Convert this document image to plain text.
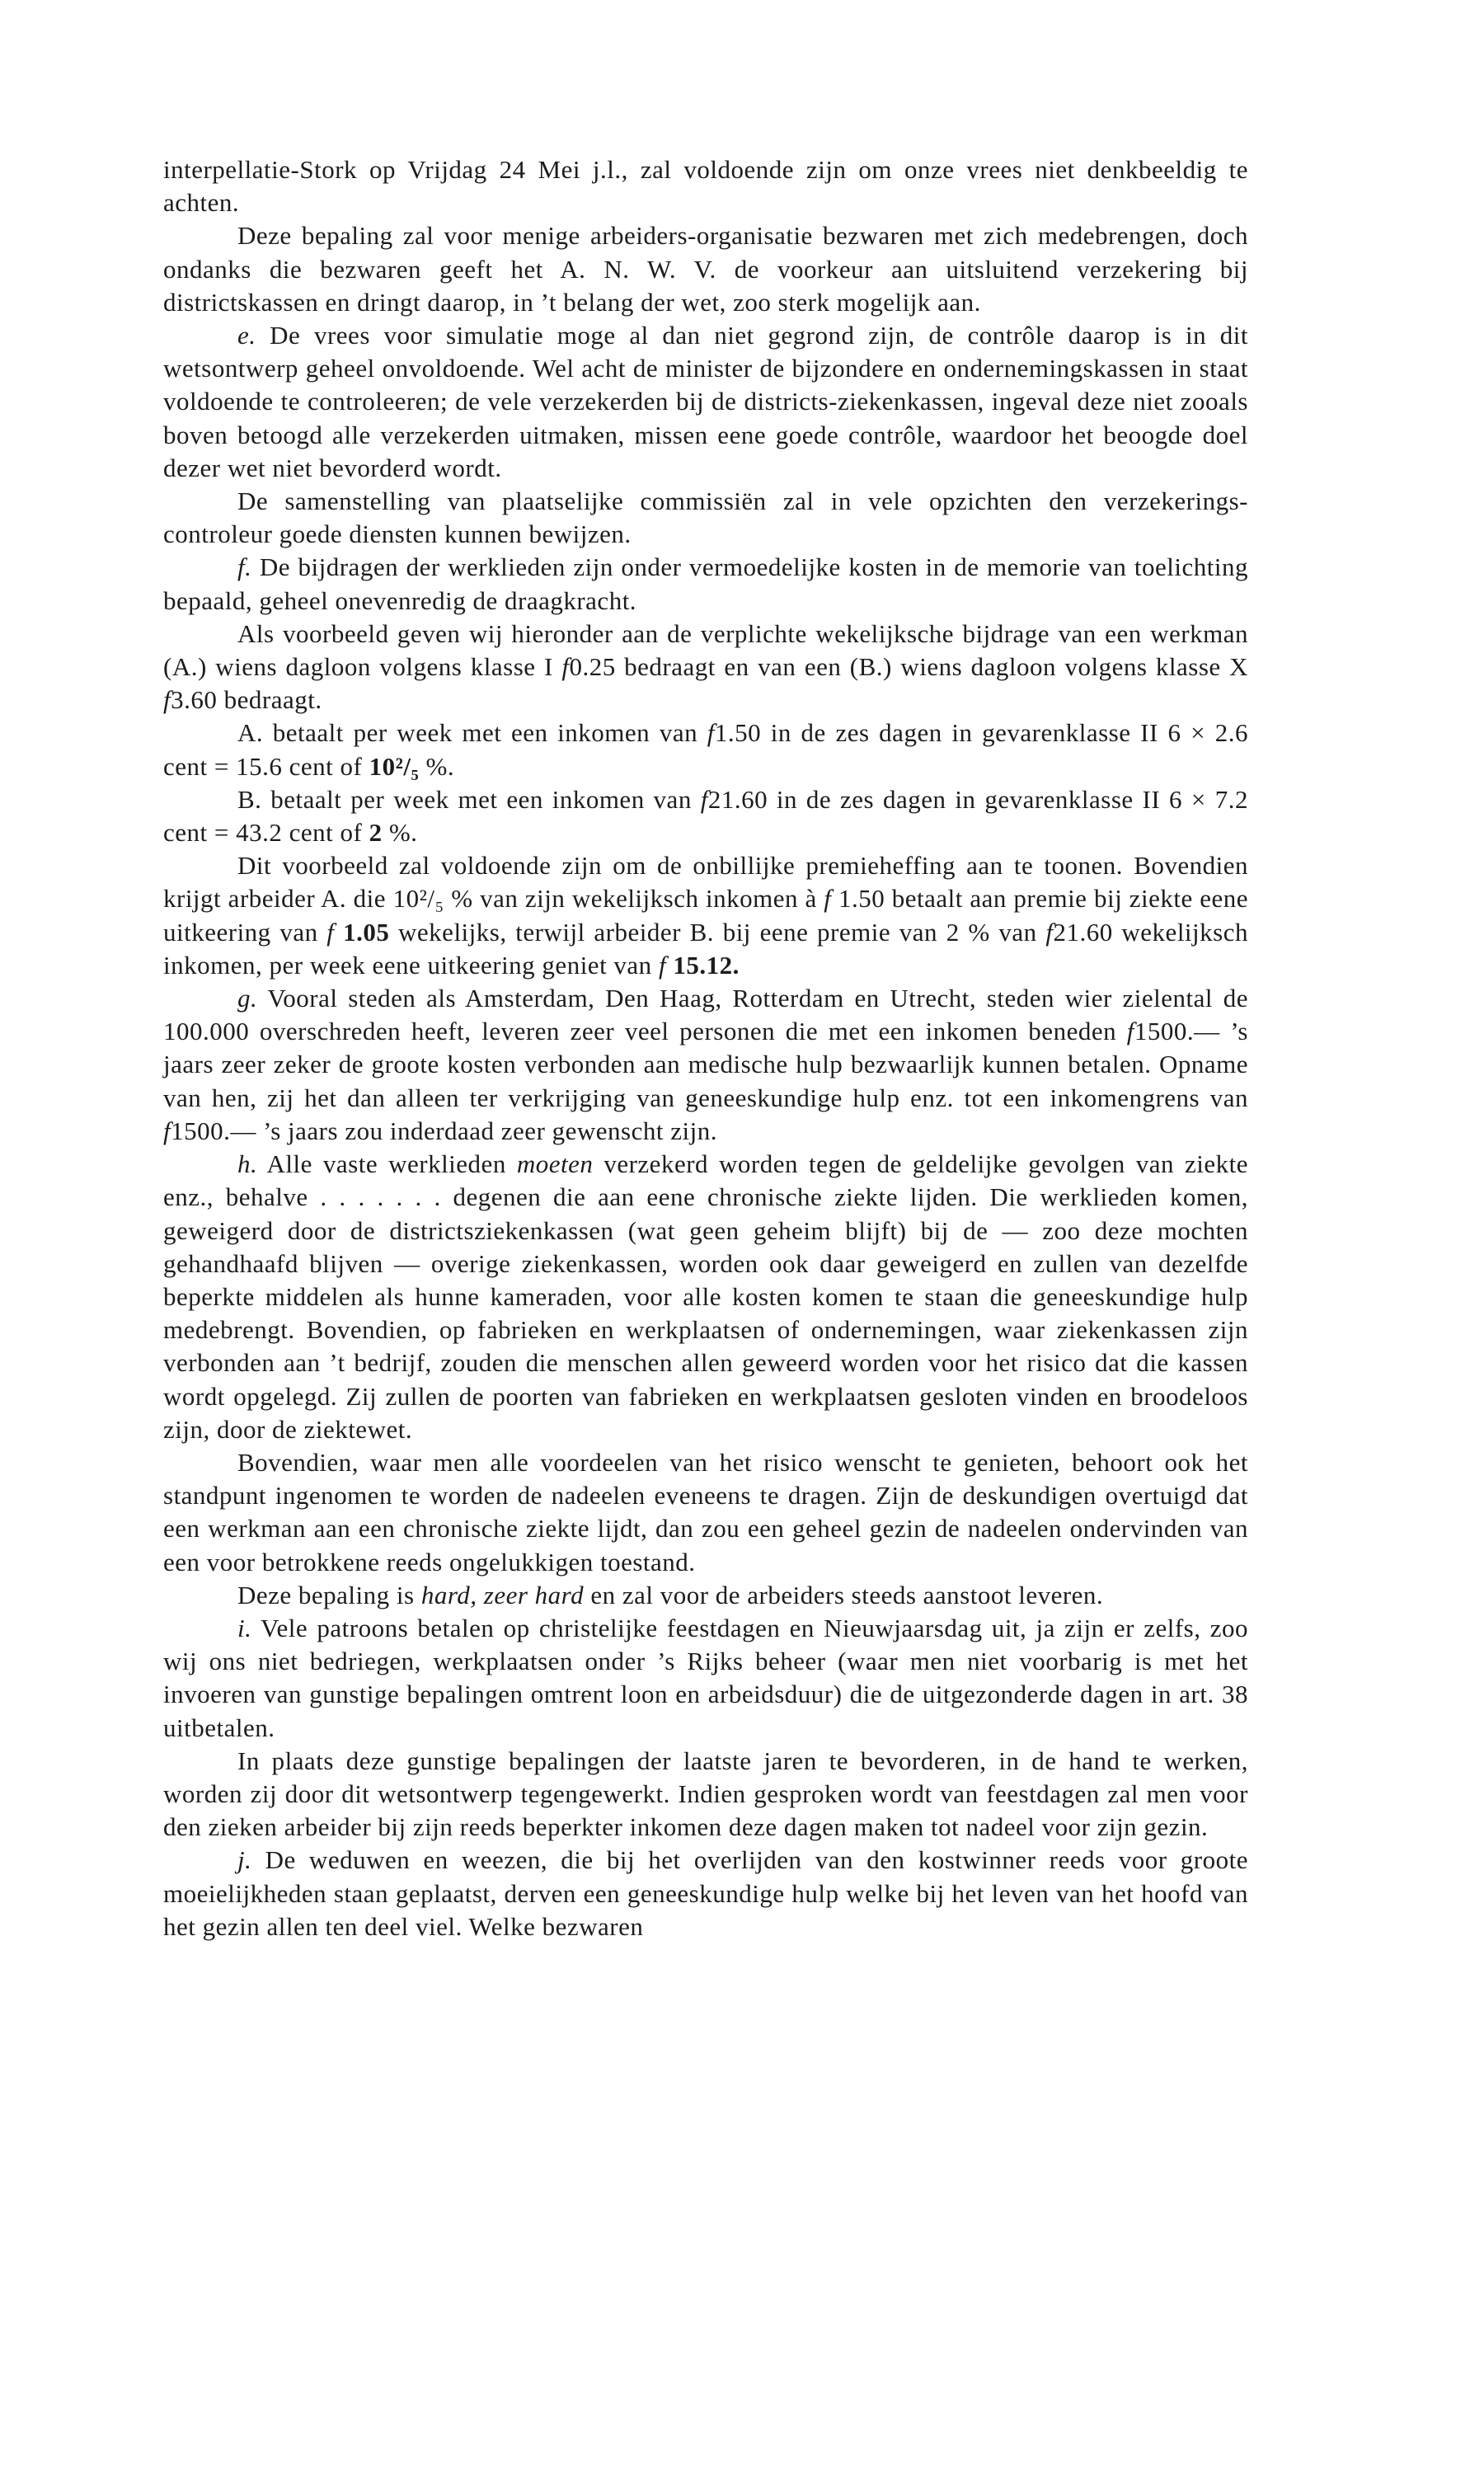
interpellatie-Stork op Vrijdag 24 Mei j.l., zal voldoende zijn om onze vrees niet denkbeeldig te achten.

Deze bepaling zal voor menige arbeiders-organisatie bezwaren met zich medebrengen, doch ondanks die bezwaren geeft het A. N. W. V. de voorkeur aan uitsluitend verzekering bij districtskassen en dringt daarop, in ’t belang der wet, zoo sterk mogelijk aan.

e. De vrees voor simulatie moge al dan niet gegrond zijn, de contrôle daarop is in dit wetsontwerp geheel onvoldoende. Wel acht de minister de bijzondere en ondernemingskassen in staat voldoende te controleeren; de vele verzekerden bij de districts-ziekenkassen, ingeval deze niet zooals boven betoogd alle verzekerden uitmaken, missen eene goede contrôle, waardoor het beoogde doel dezer wet niet bevorderd wordt.

De samenstelling van plaatselijke commissiën zal in vele opzichten den verzekerings-controleur goede diensten kunnen bewijzen.

f. De bijdragen der werklieden zijn onder vermoedelijke kosten in de memorie van toelichting bepaald, geheel onevenredig de draagkracht.

Als voorbeeld geven wij hieronder aan de verplichte wekelijksche bijdrage van een werkman (A.) wiens dagloon volgens klasse I f0.25 bedraagt en van een (B.) wiens dagloon volgens klasse X f3.60 bedraagt.

A. betaalt per week met een inkomen van f1.50 in de zes dagen in gevarenklasse II 6 × 2.6 cent = 15.6 cent of 10²/₅ %.

B. betaalt per week met een inkomen van f21.60 in de zes dagen in gevarenklasse II 6 × 7.2 cent = 43.2 cent of 2 %.

Dit voorbeeld zal voldoende zijn om de onbillijke premieheffing aan te toonen. Bovendien krijgt arbeider A. die 10²/₅ % van zijn wekelijksch inkomen à f 1.50 betaalt aan premie bij ziekte eene uitkeering van f 1.05 wekelijks, terwijl arbeider B. bij eene premie van 2 % van f21.60 wekelijksch inkomen, per week eene uitkeering geniet van f 15.12.

g. Vooral steden als Amsterdam, Den Haag, Rotterdam en Utrecht, steden wier zielental de 100.000 overschreden heeft, leveren zeer veel personen die met een inkomen beneden f1500.— ’s jaars zeer zeker de groote kosten verbonden aan medische hulp bezwaarlijk kunnen betalen. Opname van hen, zij het dan alleen ter verkrijging van geneeskundige hulp enz. tot een inkomengrens van f1500.— ’s jaars zou inderdaad zeer gewenscht zijn.

h. Alle vaste werklieden moeten verzekerd worden tegen de geldelijke gevolgen van ziekte enz., behalve . . . . . . . degenen die aan eene chronische ziekte lijden. Die werklieden komen, geweigerd door de districtsziekenkassen (wat geen geheim blijft) bij de — zoo deze mochten gehandhaafd blijven — overige ziekenkassen, worden ook daar geweigerd en zullen van dezelfde beperkte middelen als hunne kameraden, voor alle kosten komen te staan die geneeskundige hulp medebrengt. Bovendien, op fabrieken en werkplaatsen of ondernemingen, waar ziekenkassen zijn verbonden aan ’t bedrijf, zouden die menschen allen geweerd worden voor het risico dat die kassen wordt opgelegd. Zij zullen de poorten van fabrieken en werkplaatsen gesloten vinden en broodeloos zijn, door de ziektewet.

Bovendien, waar men alle voordeelen van het risico wenscht te genieten, behoort ook het standpunt ingenomen te worden de nadeelen eveneens te dragen. Zijn de deskundigen overtuigd dat een werkman aan een chronische ziekte lijdt, dan zou een geheel gezin de nadeelen ondervinden van een voor betrokkene reeds ongelukkigen toestand.

Deze bepaling is hard, zeer hard en zal voor de arbeiders steeds aanstoot leveren.

i. Vele patroons betalen op christelijke feestdagen en Nieuwjaarsdag uit, ja zijn er zelfs, zoo wij ons niet bedriegen, werkplaatsen onder ’s Rijks beheer (waar men niet voorbarig is met het invoeren van gunstige bepalingen omtrent loon en arbeidsduur) die de uitgezonderde dagen in art. 38 uitbetalen.

In plaats deze gunstige bepalingen der laatste jaren te bevorderen, in de hand te werken, worden zij door dit wetsontwerp tegengewerkt. Indien gesproken wordt van feestdagen zal men voor den zieken arbeider bij zijn reeds beperkter inkomen deze dagen maken tot nadeel voor zijn gezin.

j. De weduwen en weezen, die bij het overlijden van den kostwinner reeds voor groote moeielijkheden staan geplaatst, derven een geneeskundige hulp welke bij het leven van het hoofd van het gezin allen ten deel viel. Welke bezwaren
